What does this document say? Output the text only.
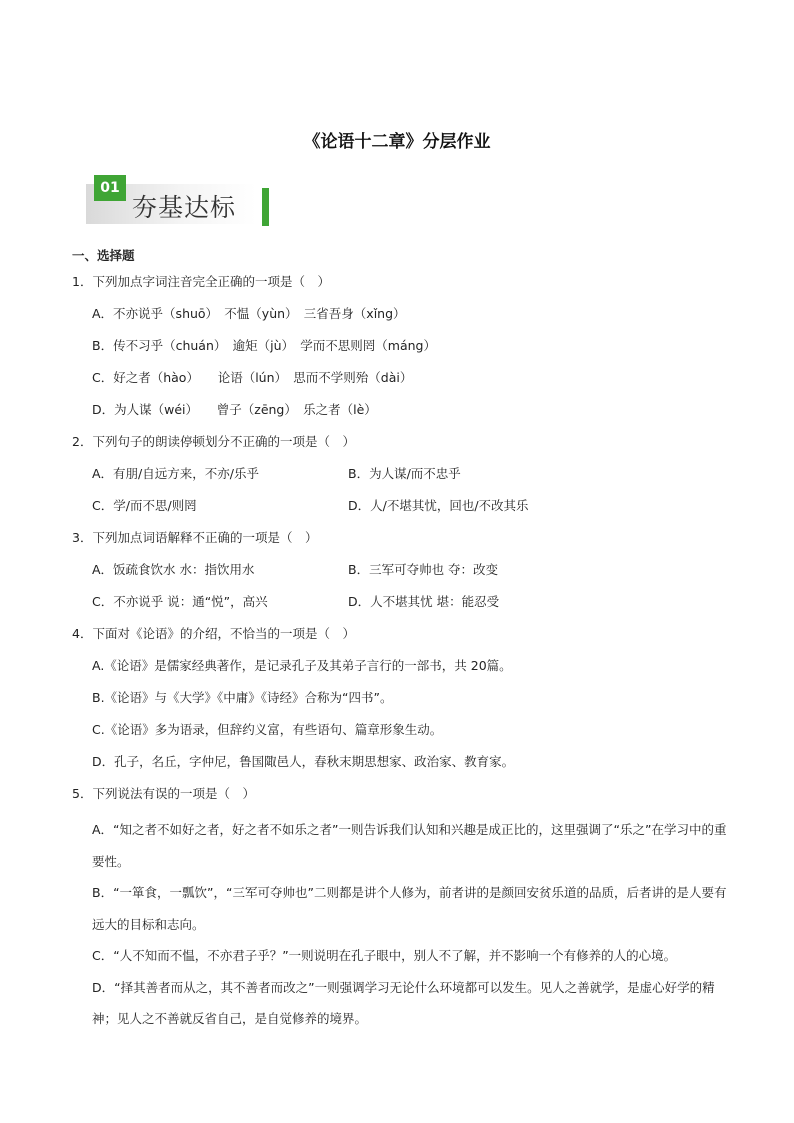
《论语十二章》分层作业
01
夯基达标
一、选择题
1．下列加点字词注音完全正确的一项是（　）
A．不亦说乎（shuō）　不愠（yùn）　三省吾身（xǐng）
B．传不习乎（chuán）　逾矩（jù）　学而不思则罔（máng）
C．好之者（hào）　　论语（lún）　思而不学则殆（dài）
D．为人谋（wéi）　　曾子（zēng）　乐之者（lè）
2．下列句子的朗读停顿划分不正确的一项是（　）
A．有朋/自远方来，不亦/乐乎	B．为人谋/而不忠乎
C．学/而不思/则罔	D．人/不堪其忧，回也/不改其乐
3．下列加点词语解释不正确的一项是（　）
A．饭疏食饮水 水：指饮用水	B．三军可夺帅也 夺：改变
C．不亦说乎 说：通“悦”，高兴	D．人不堪其忧 堪：能忍受
4．下面对《论语》的介绍，不恰当的一项是（　）
A.《论语》是儒家经典著作，是记录孔子及其弟子言行的一部书，共 20篇。
B.《论语》与《大学》《中庸》《诗经》合称为“四书”。
C.《论语》多为语录，但辞约义富，有些语句、篇章形象生动。
D．孔子，名丘，字仲尼，鲁国陬邑人，春秋末期思想家、政治家、教育家。
5．下列说法有误的一项是（　）
A．“知之者不如好之者，好之者不如乐之者”一则告诉我们认知和兴趣是成正比的，这里强调了“乐之”在学习中的重要性。
B．“一箪食，一瓢饮”，“三军可夺帅也”二则都是讲个人修为，前者讲的是颜回安贫乐道的品质，后者讲的是人要有远大的目标和志向。
C．“人不知而不愠，不亦君子乎？”一则说明在孔子眼中，别人不了解，并不影响一个有修养的人的心境。
D．“择其善者而从之，其不善者而改之”一则强调学习无论什么环境都可以发生。见人之善就学，是虚心好学的精神；见人之不善就反省自己，是自觉修养的境界。
